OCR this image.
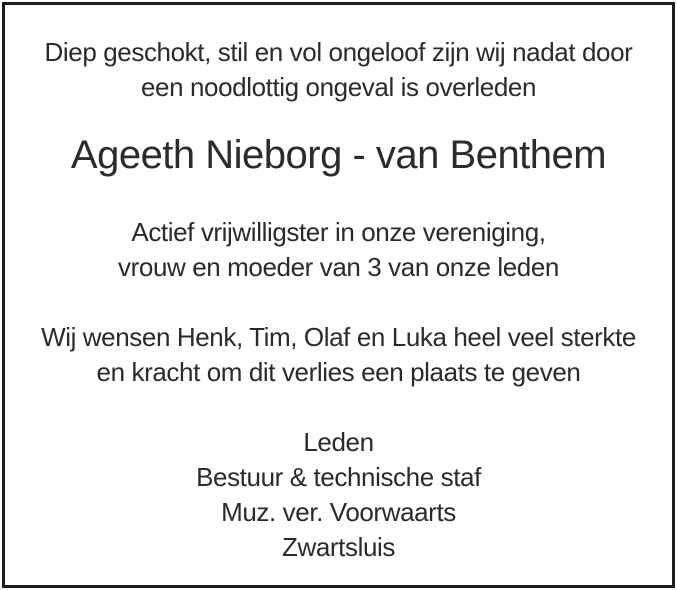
Diep geschokt, stil en vol ongeloof zijn wij nadat door
een noodlottig ongeval is overleden

Ageeth Nieborg - van Benthem

Actief vrijwilligster in onze vereniging,
vrouw en moeder van 3 van onze leden

Wij wensen Henk, Tim, Olaf en Luka heel veel sterkte
en kracht om dit verlies een plaats te geven

Leden
Bestuur & technische staf
Muz. ver. Voorwaarts
Zwartsluis
